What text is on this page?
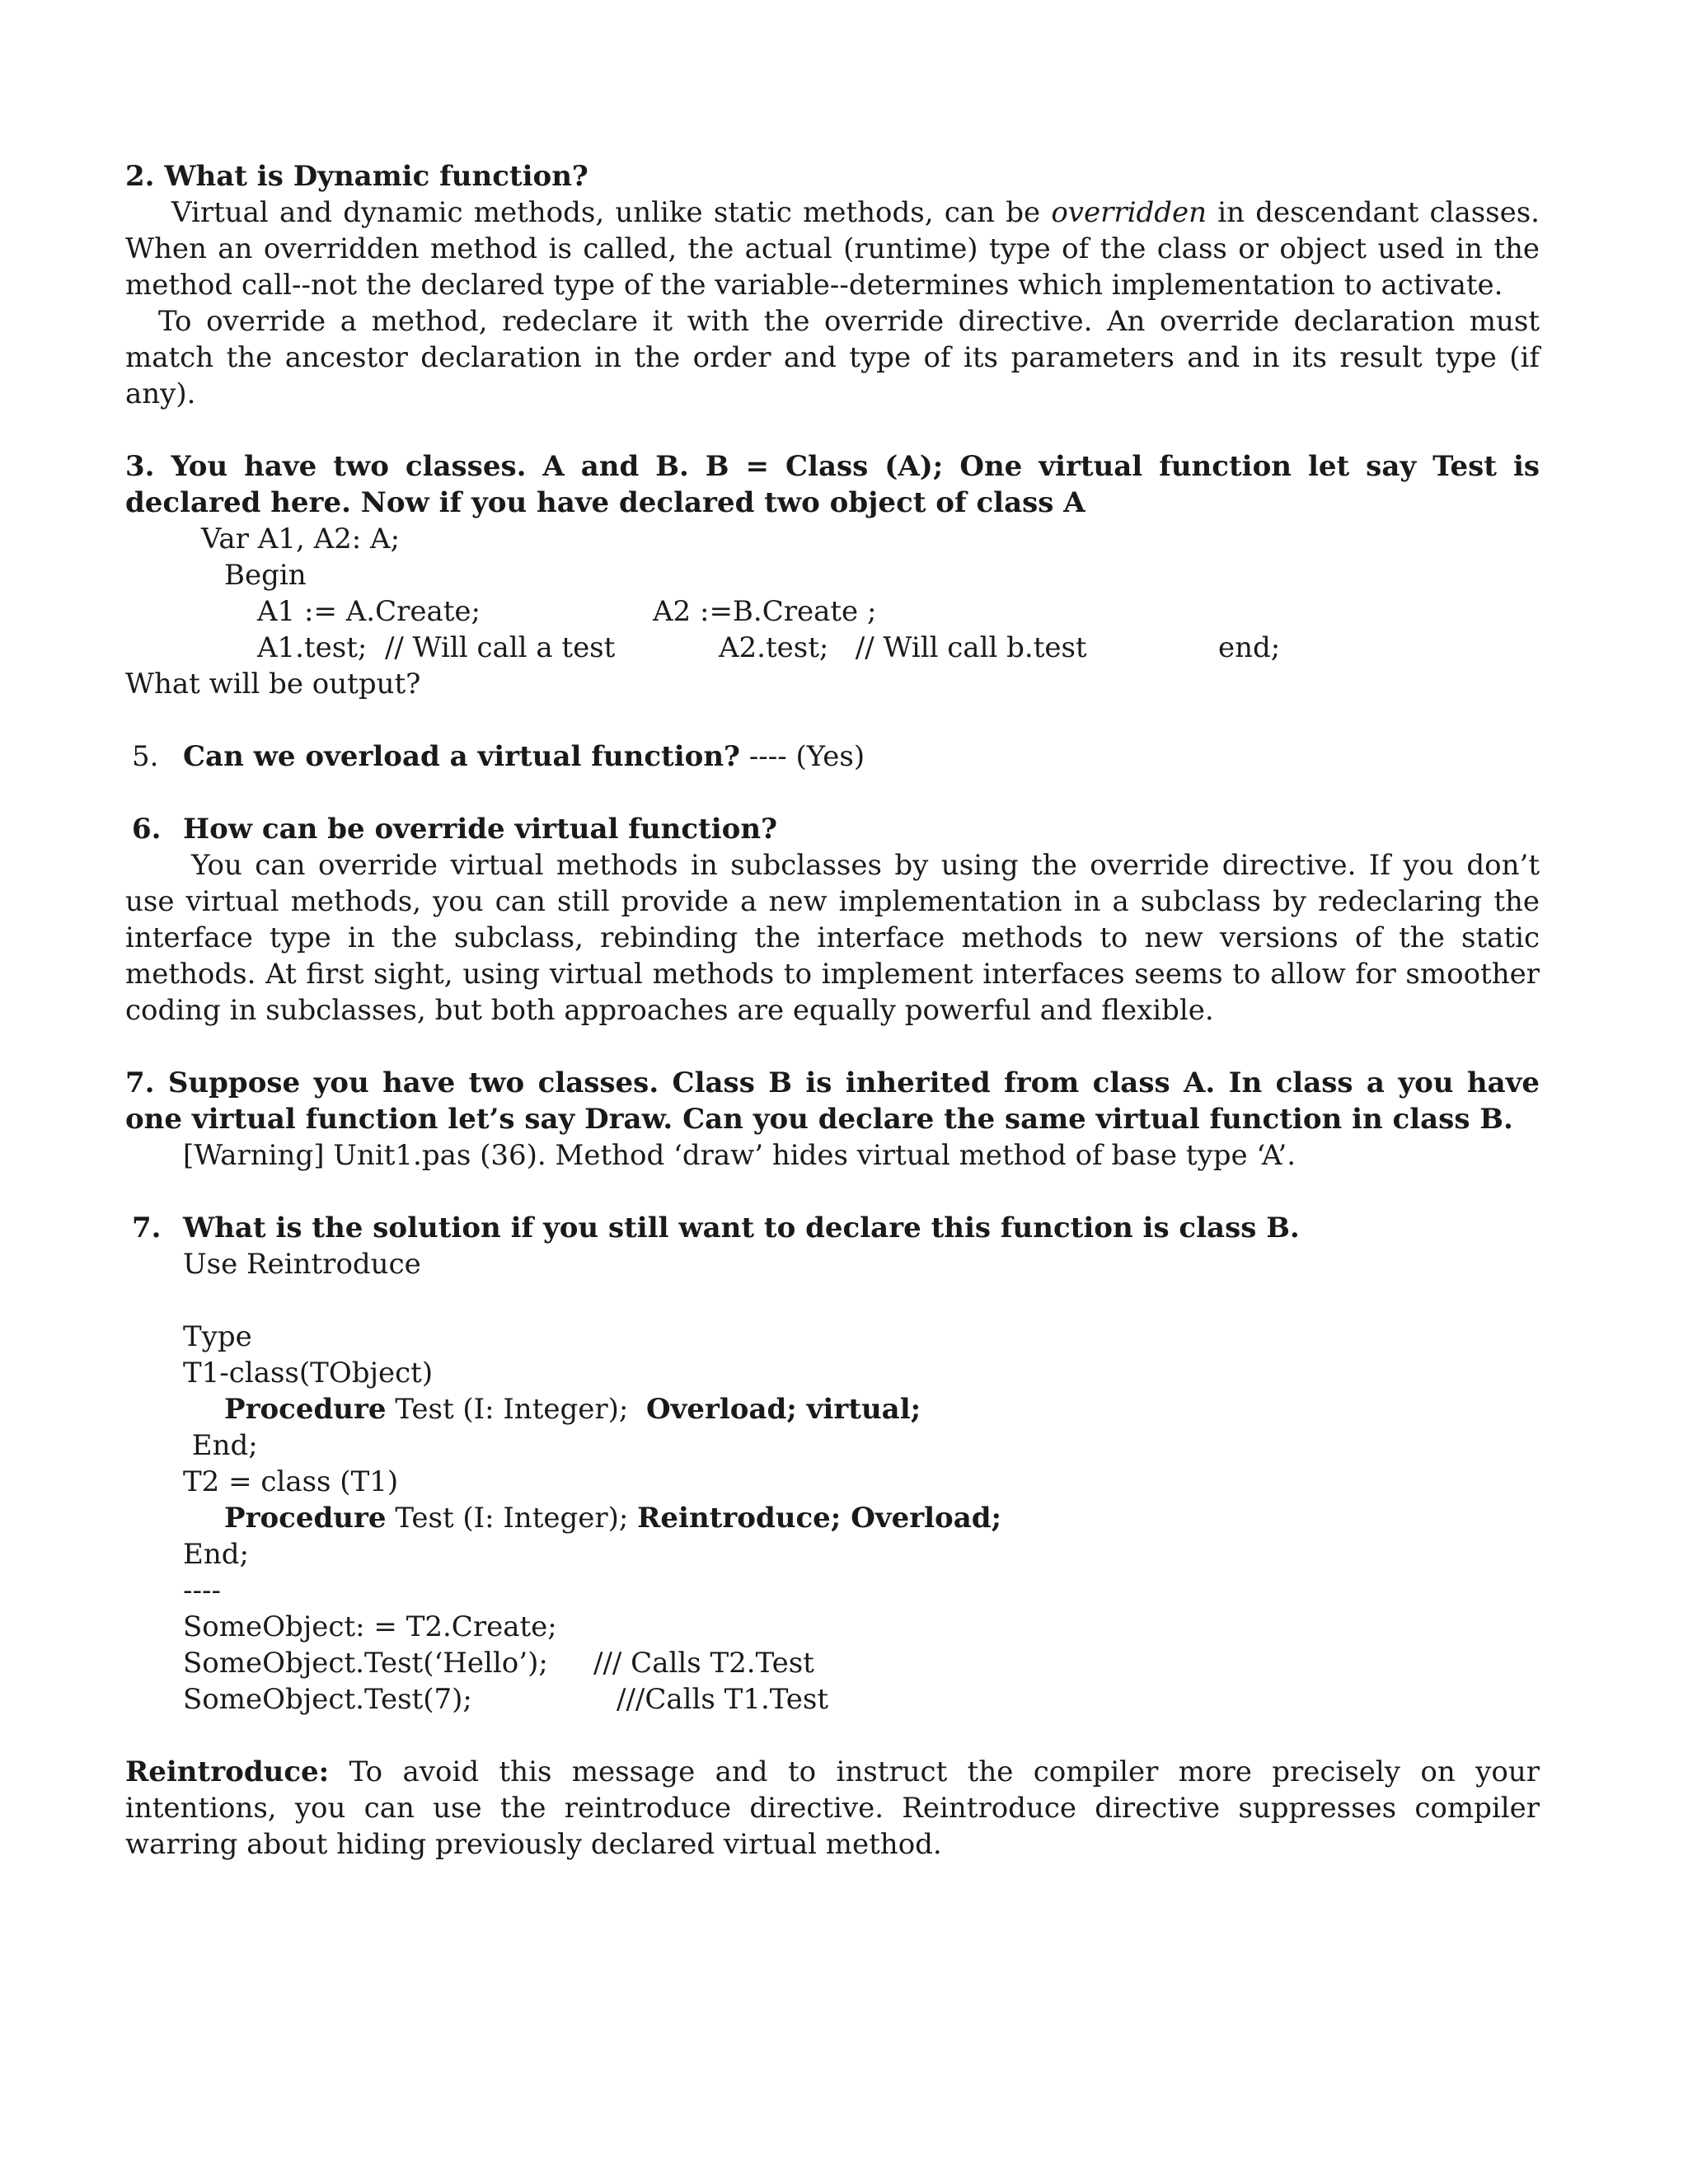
2. What is Dynamic function?

Virtual and dynamic methods, unlike static methods, can be overridden in descendant classes. When an overridden method is called, the actual (runtime) type of the class or object used in the method call--not the declared type of the variable--determines which implementation to activate.

To override a method, redeclare it with the override directive. An override declaration must match the ancestor declaration in the order and type of its parameters and in its result type (if any).

3. You have two classes. A and B. B = Class (A); One virtual function let say Test is declared here. Now if you have declared two object of class A

Var A1, A2: A;
Begin
A1 := A.Create;	A2 :=B.Create ;
A1.test;  // Will call a test	A2.test;   // Will call b.test	end;

What will be output?

5. Can we overload a virtual function? ---- (Yes)

6. How can be override virtual function?

You can override virtual methods in subclasses by using the override directive. If you don’t use virtual methods, you can still provide a new implementation in a subclass by redeclaring the interface type in the subclass, rebinding the interface methods to new versions of the static methods. At first sight, using virtual methods to implement interfaces seems to allow for smoother coding in subclasses, but both approaches are equally powerful and flexible.

7. Suppose you have two classes. Class B is inherited from class A. In class a you have one virtual function let’s say Draw. Can you declare the same virtual function in class B.

[Warning] Unit1.pas (36). Method ‘draw’ hides virtual method of base type ‘A’.

7. What is the solution if you still want to declare this function is class B.

Use Reintroduce

Type
T1-class(TObject)
Procedure Test (I: Integer);  Overload; virtual;
End;
T2 = class (T1)
Procedure Test (I: Integer); Reintroduce; Overload;
End;
----
SomeObject: = T2.Create;
SomeObject.Test(‘Hello’); /// Calls T2.Test
SomeObject.Test(7);	///Calls T1.Test

Reintroduce: To avoid this message and to instruct the compiler more precisely on your intentions, you can use the reintroduce directive. Reintroduce directive suppresses compiler warring about hiding previously declared virtual method.
